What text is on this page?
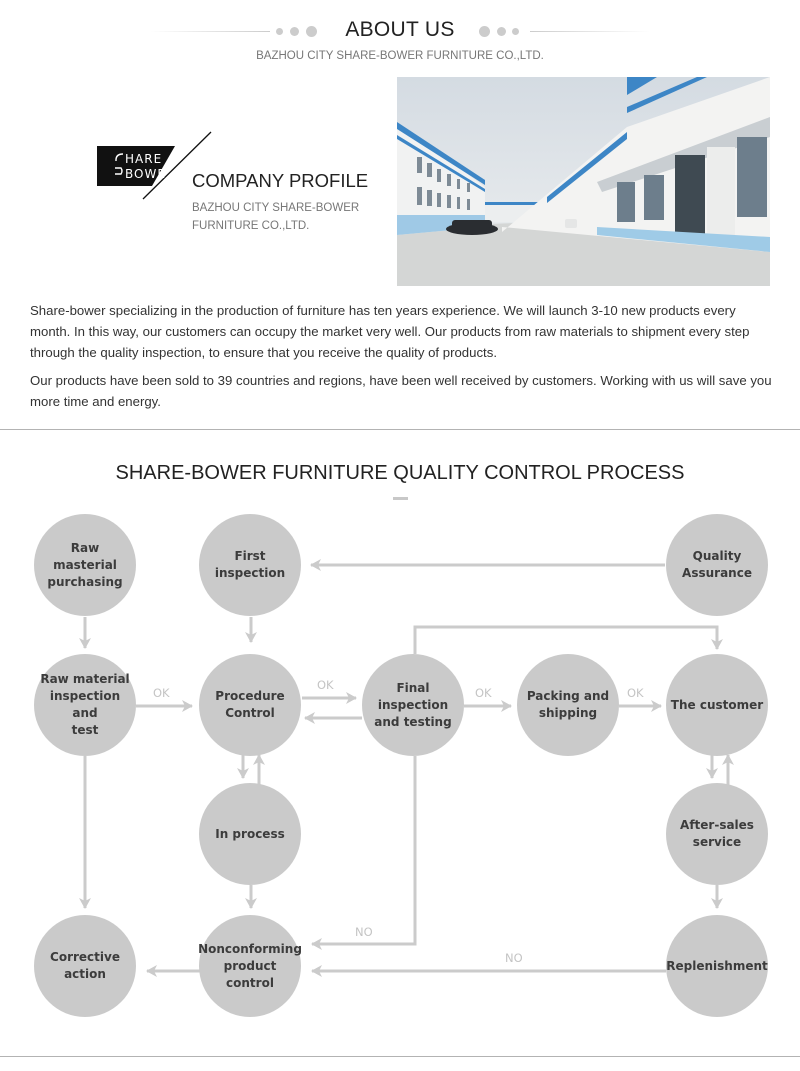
ABOUT US
BAZHOU CITY SHARE-BOWER FURNITURE CO.,LTD.
HARE
BOWE COMPANY PROFILE
BAZHOU CITY SHARE-BOWER
FURNITURE CO.,LTD.
Share-bower specializing in the production of furniture has ten years experience. We will launch 3-10 new products every month. In this way, our customers can occupy the market very well. Our products from raw materials to shipment every step through the quality inspection, to ensure that you receive the quality of products.
Our products have been sold to 39 countries and regions, have been well received by customers. Working with us will save you more time and energy.
SHARE-BOWER FURNITURE QUALITY CONTROL PROCESS
OK
OK
OK	OK
NO
NO
Raw masterial
purchasing
First inspection
Quality
Assurance
Raw material
inspection and
test
Procedure
Control
Final inspection
and testing
Packing and
shipping
The customer
In process
After-sales
service
Corrective
action
Nonconforming
product
control
Replenishment
